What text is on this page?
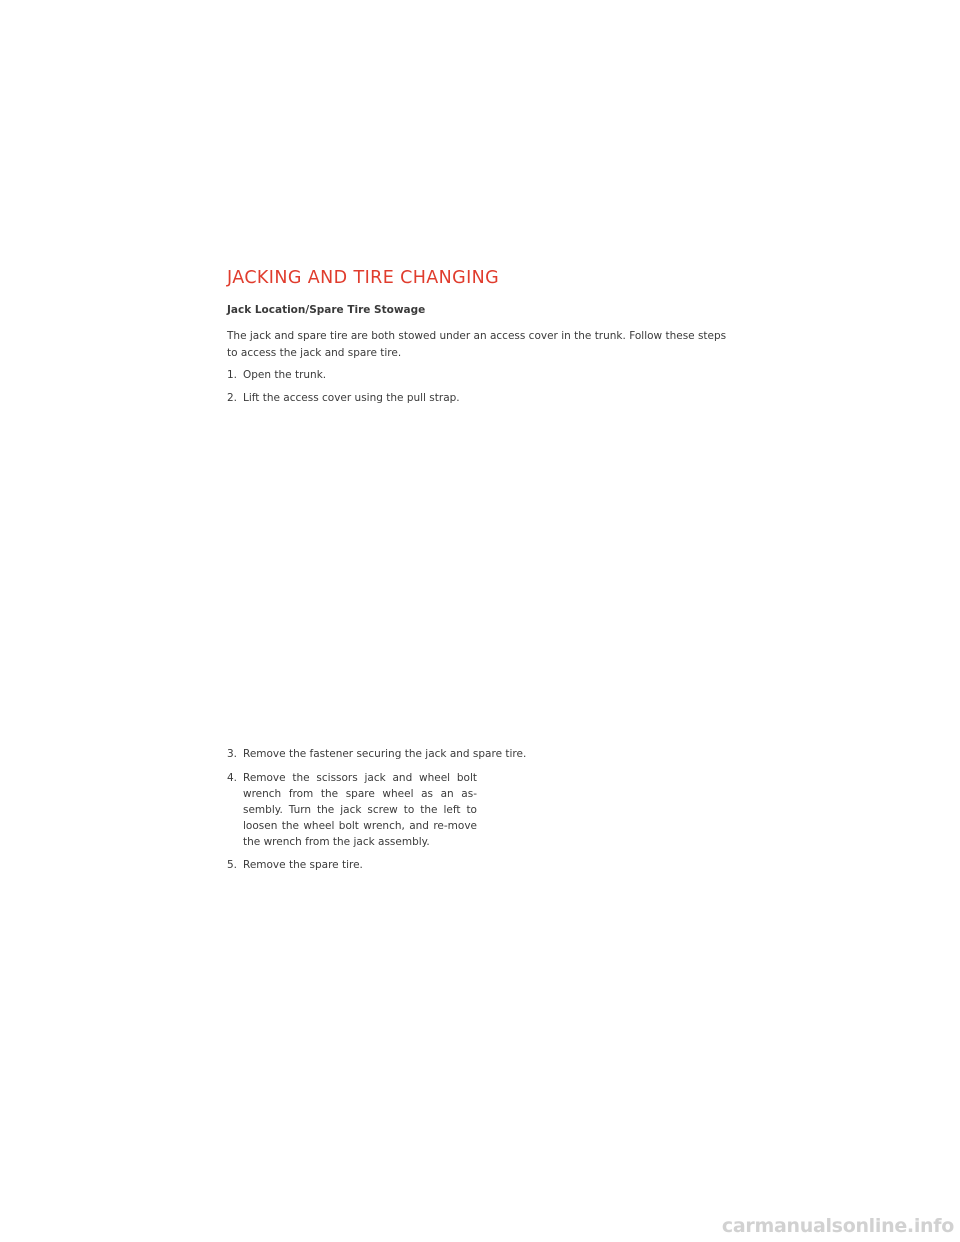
JACKING AND TIRE CHANGING
Jack Location/Spare Tire Stowage

The jack and spare tire are both stowed under an access cover in the trunk. Follow these steps to access the jack and spare tire.

1. Open the trunk.

2. Lift the access cover using the pull strap.

3. Remove the fastener securing the jack and spare tire.

4. Remove the scissors jack and wheel bolt wrench from the spare wheel as an as-sembly. Turn the jack screw to the left to loosen the wheel bolt wrench, and re-move the wrench from the jack assembly.

5. Remove the spare tire.

carmanualsonline.info
